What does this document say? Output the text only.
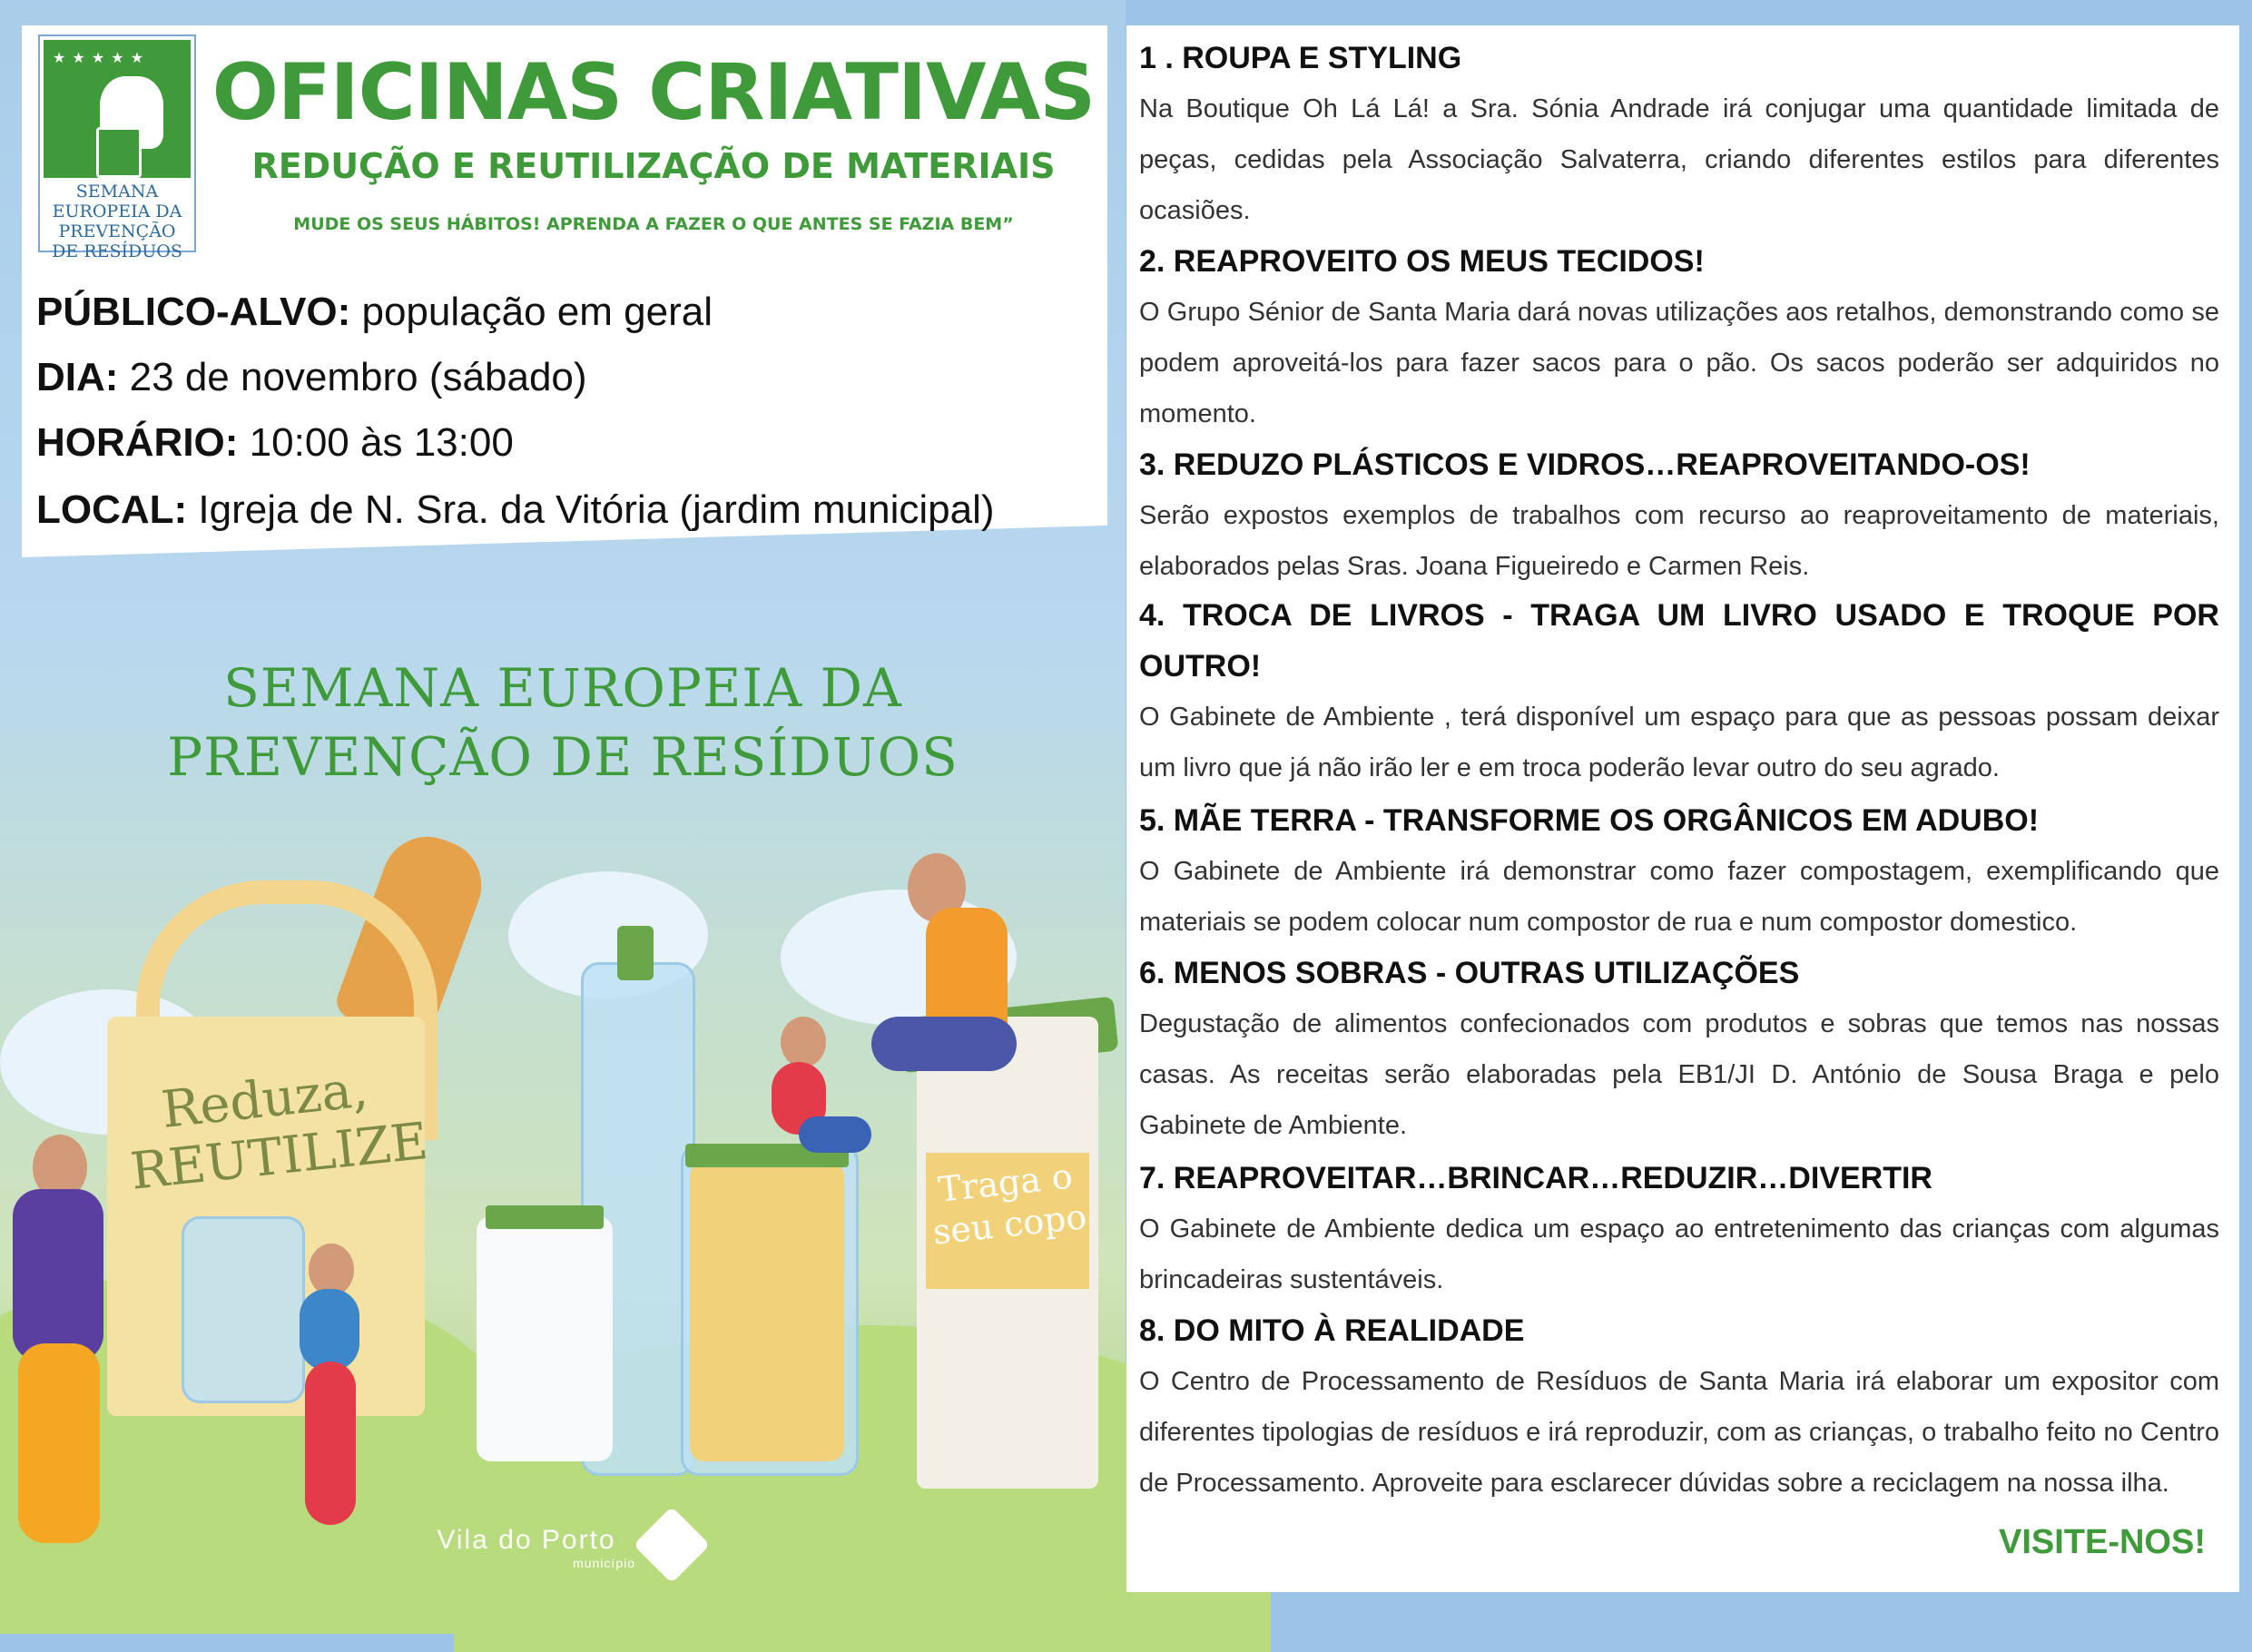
★ ★ ★ ★ ★
SEMANA EUROPEIA DA PREVENÇÃO DE RESÍDUOS
OFICINAS CRIATIVAS
REDUÇÃO E REUTILIZAÇÃO DE MATERIAIS
MUDE OS SEUS HÁBITOS! APRENDA A FAZER O QUE ANTES SE FAZIA BEM”
PÚBLICO-ALVO: população em geral
DIA: 23 de novembro (sábado)
HORÁRIO: 10:00 às 13:00
LOCAL: Igreja de N. Sra. da Vitória (jardim municipal)
SEMANA EUROPEIA DA PREVENÇÃO DE RESÍDUOS
Reduza, REUTILIZE	Traga o seu copo
Vila do Porto
município
1 . ROUPA E STYLING

Na Boutique Oh Lá Lá! a Sra. Sónia Andrade irá conjugar uma quantidade limitada de peças, cedidas pela Associação Salvaterra, criando diferentes estilos para diferentes ocasiões.

2. REAPROVEITO OS MEUS TECIDOS!

O Grupo Sénior de Santa Maria dará novas utilizações aos retalhos, demonstrando como se podem aproveitá-los para fazer sacos para o pão. Os sacos poderão ser adquiridos no momento.

3. REDUZO PLÁSTICOS E VIDROS…REAPROVEITANDO-OS!

Serão expostos exemplos de trabalhos com recurso ao reaproveitamento de materiais, elaborados pelas Sras. Joana Figueiredo e Carmen Reis.

4. TROCA DE LIVROS - TRAGA UM LIVRO USADO E TROQUE POR OUTRO!

O Gabinete de Ambiente , terá disponível um espaço para que as pessoas possam deixar um livro que já não irão ler e em troca poderão levar outro do seu agrado.

5. MÃE TERRA - TRANSFORME OS ORGÂNICOS EM ADUBO!

O Gabinete de Ambiente irá demonstrar como fazer compostagem, exemplificando que materiais se podem colocar num compostor de rua e num compostor domestico.

6. MENOS SOBRAS - OUTRAS UTILIZAÇÕES

Degustação de alimentos confecionados com produtos e sobras que temos nas nossas casas. As receitas serão elaboradas pela EB1/JI D. António de Sousa Braga e pelo Gabinete de Ambiente.

7. REAPROVEITAR…BRINCAR…REDUZIR…DIVERTIR

O Gabinete de Ambiente dedica um espaço ao entretenimento das crianças com algumas brincadeiras sustentáveis.

8. DO MITO À REALIDADE

O Centro de Processamento de Resíduos de Santa Maria irá elaborar um expositor com diferentes tipologias de resíduos e irá reproduzir, com as crianças, o trabalho feito no Centro de Processamento. Aproveite para esclarecer dúvidas sobre a reciclagem na nossa ilha.

VISITE-NOS!
